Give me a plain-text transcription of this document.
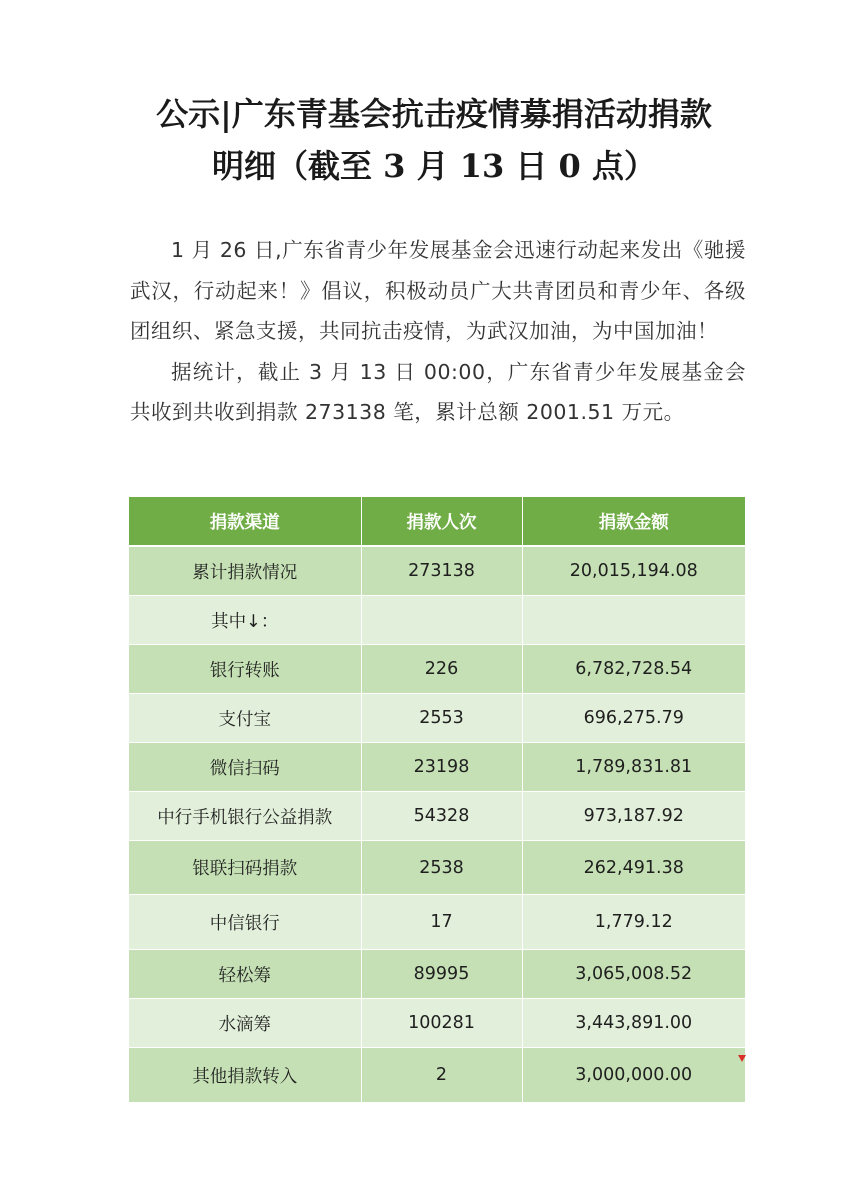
公示|广东青基会抗击疫情募捐活动捐款
明细（截至 3 月 13 日 0 点）

1 月 26 日,广东省青少年发展基金会迅速行动起来发出《驰援武汉，行动起来！》倡议，积极动员广大共青团员和青少年、各级团组织、紧急支援，共同抗击疫情，为武汉加油，为中国加油！

据统计，截止 3 月 13 日 00:00，广东省青少年发展基金会共收到共收到捐款 273138 笔，累计总额 2001.51 万元。

捐款渠道	捐款人次	捐款金额
累计捐款情况	273138	20,015,194.08
其中↓：		
银行转账	226	6,782,728.54
支付宝	2553	696,275.79
微信扫码	23198	1,789,831.81
中行手机银行公益捐款	54328	973,187.92
银联扫码捐款	2538	262,491.38
中信银行	17	1,779.12
轻松筹	89995	3,065,008.52
水滴筹	100281	3,443,891.00
其他捐款转入	2	3,000,000.00
